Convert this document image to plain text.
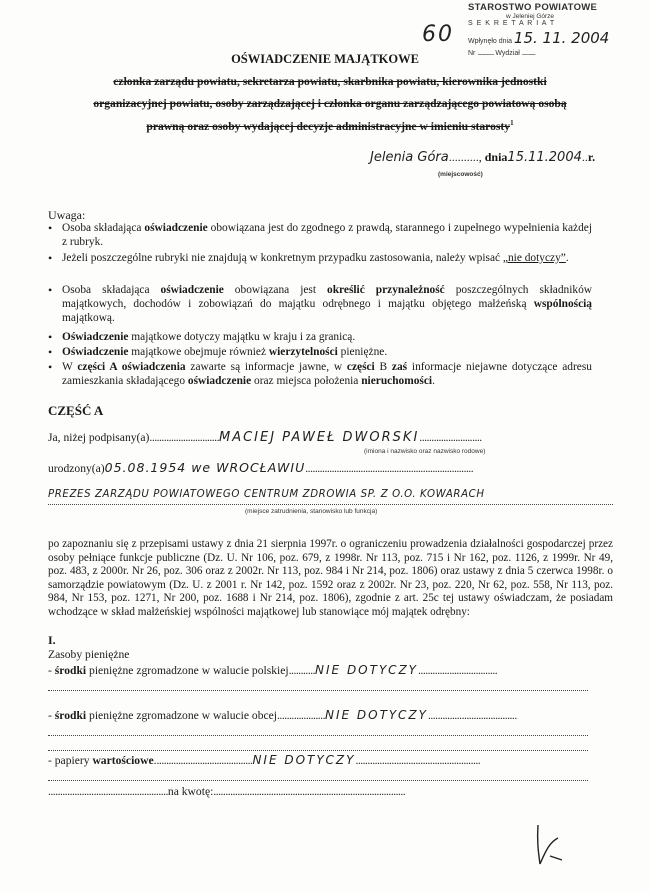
STAROSTWO POWIATOWE
w Jeleniej Górze
S E K R E T A R I A T
Wpłynęło dnia 15. 11. 2004
Nr ................. Wydział ..............
60
OŚWIADCZENIE MAJĄTKOWE
członka zarządu powiatu, sekretarza powiatu, skarbnika powiatu, kierownika jednostki
organizacyjnej powiatu, osoby zarządzającej i członka organu zarządzającego powiatową osobą
prawną oraz osoby wydającej decyzje administracyjne w imieniu starosty$^1$
Jelenia Góra.........., dnia15.11.2004..r.
(miejscowość)
Uwaga:
• Osoba składająca oświadczenie obowiązana jest do zgodnego z prawdą, starannego i zupełnego wypełnienia każdej z rubryk.
• Jeżeli poszczególne rubryki nie znajdują w konkretnym przypadku zastosowania, należy wpisać „nie dotyczy”.
• Osoba składająca oświadczenie obowiązana jest określić przynależność poszczególnych składników majątkowych, dochodów i zobowiązań do majątku odrębnego i majątku objętego małżeńską wspólnością majątkową.
• Oświadczenie majątkowe dotyczy majątku w kraju i za granicą.
• Oświadczenie majątkowe obejmuje również wierzytelności pieniężne.
• W części A oświadczenia zawarte są informacje jawne, w części B zaś informacje niejawne dotyczące adresu zamieszkania składającego oświadczenie oraz miejsca położenia nieruchomości.
CZĘŚĆ A
Ja, niżej podpisany(a).............................MACIEJ PAWEŁ DWORSKI..........................
(imiona i nazwisko oraz nazwisko rodowe)
urodzony(a)05.08.1954 we WROCŁAWIU......................................................................
PREZES ZARZĄDU POWIATOWEGO CENTRUM ZDROWIA SP. Z O.O. KOWARACH
(miejsce zatrudnienia, stanowisko lub funkcja)
po zapoznaniu się z przepisami ustawy z dnia 21 sierpnia 1997r. o ograniczeniu prowadzenia działalności gospodarczej przez osoby pełniące funkcje publiczne (Dz. U. Nr 106, poz. 679, z 1998r. Nr 113, poz. 715 i Nr 162, poz. 1126, z 1999r. Nr 49, poz. 483, z 2000r. Nr 26, poz. 306 oraz z 2002r. Nr 113, poz. 984 i Nr 214, poz. 1806) oraz ustawy z dnia 5 czerwca 1998r. o samorządzie powiatowym (Dz. U. z 2001 r. Nr 142, poz. 1592 oraz z 2002r. Nr 23, poz. 220, Nr 62, poz. 558, Nr 113, poz. 984, Nr 153, poz. 1271, Nr 200, poz. 1688 i Nr 214, poz. 1806), zgodnie z art. 25c tej ustawy oświadczam, że posiadam wchodzące w skład małżeńskiej wspólności majątkowej lub stanowiące mój majątek odrębny:
I.
Zasoby pieniężne
- środki pieniężne zgromadzone w walucie polskiej...........NIE DOTYCZY.................................
- środki pieniężne zgromadzone w walucie obcej....................NIE DOTYCZY.....................................
- papiery wartościowe.........................................NIE DOTYCZY....................................................
..................................................na kwotę:................................................................................
